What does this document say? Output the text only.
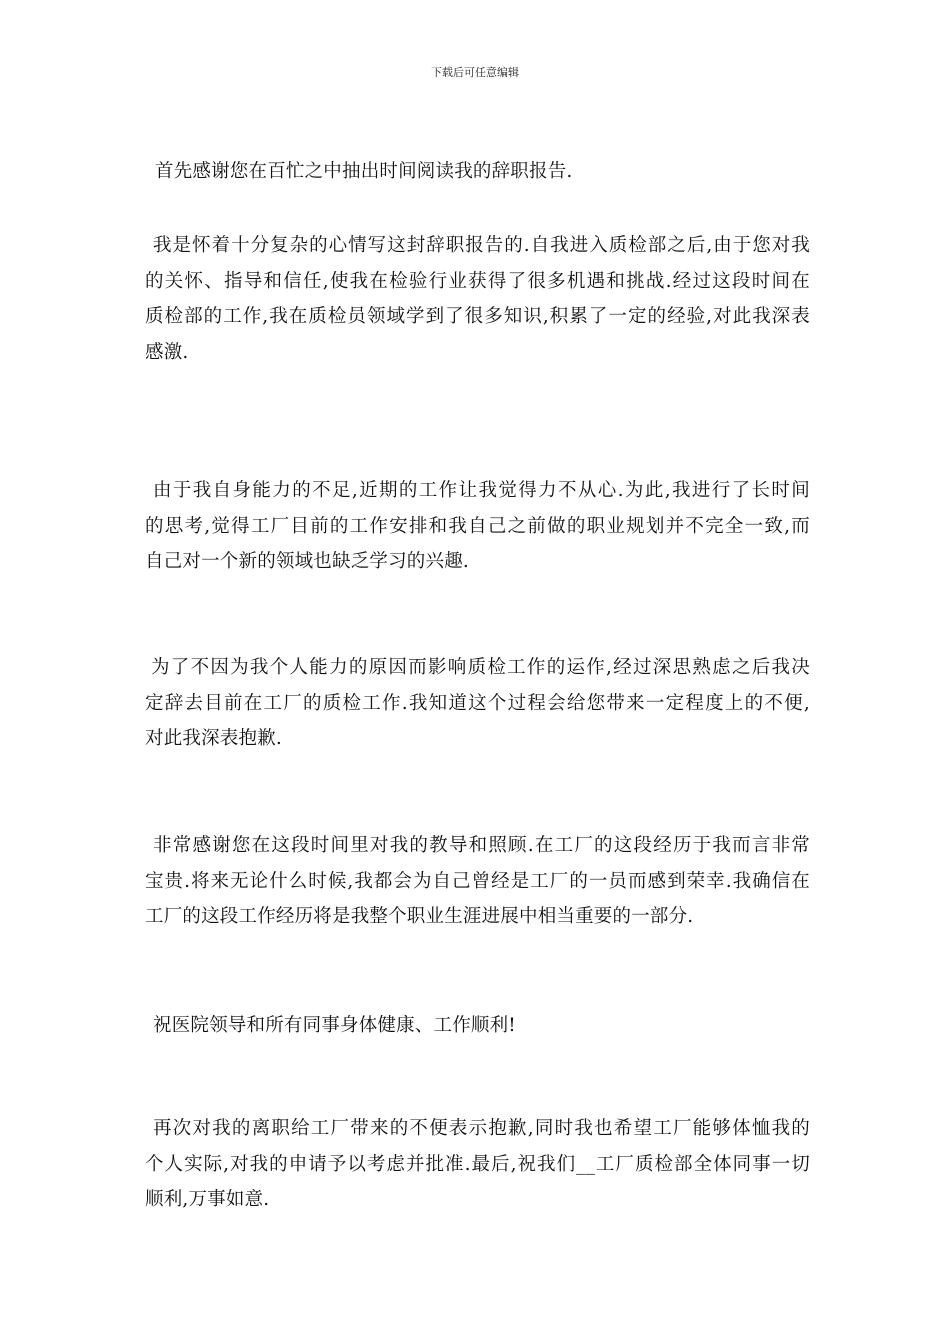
下载后可任意编辑

首先感谢您在百忙之中抽出时间阅读我的辞职报告.

我是怀着十分复杂的心情写这封辞职报告的.自我进入质检部之后,由于您对我
的关怀、指导和信任,使我在检验行业获得了很多机遇和挑战.经过这段时间在
质检部的工作,我在质检员领域学到了很多知识,积累了一定的经验,对此我深表
感激.

由于我自身能力的不足,近期的工作让我觉得力不从心.为此,我进行了长时间
的思考,觉得工厂目前的工作安排和我自己之前做的职业规划并不完全一致,而
自己对一个新的领域也缺乏学习的兴趣.

为了不因为我个人能力的原因而影响质检工作的运作,经过深思熟虑之后我决
定辞去目前在工厂的质检工作.我知道这个过程会给您带来一定程度上的不便,
对此我深表抱歉.

非常感谢您在这段时间里对我的教导和照顾.在工厂的这段经历于我而言非常
宝贵.将来无论什么时候,我都会为自己曾经是工厂的一员而感到荣幸.我确信在
工厂的这段工作经历将是我整个职业生涯进展中相当重要的一部分.

祝医院领导和所有同事身体健康、工作顺利!

再次对我的离职给工厂带来的不便表示抱歉,同时我也希望工厂能够体恤我的
个人实际,对我的申请予以考虑并批准.最后,祝我们__工厂质检部全体同事一切
顺利,万事如意.
